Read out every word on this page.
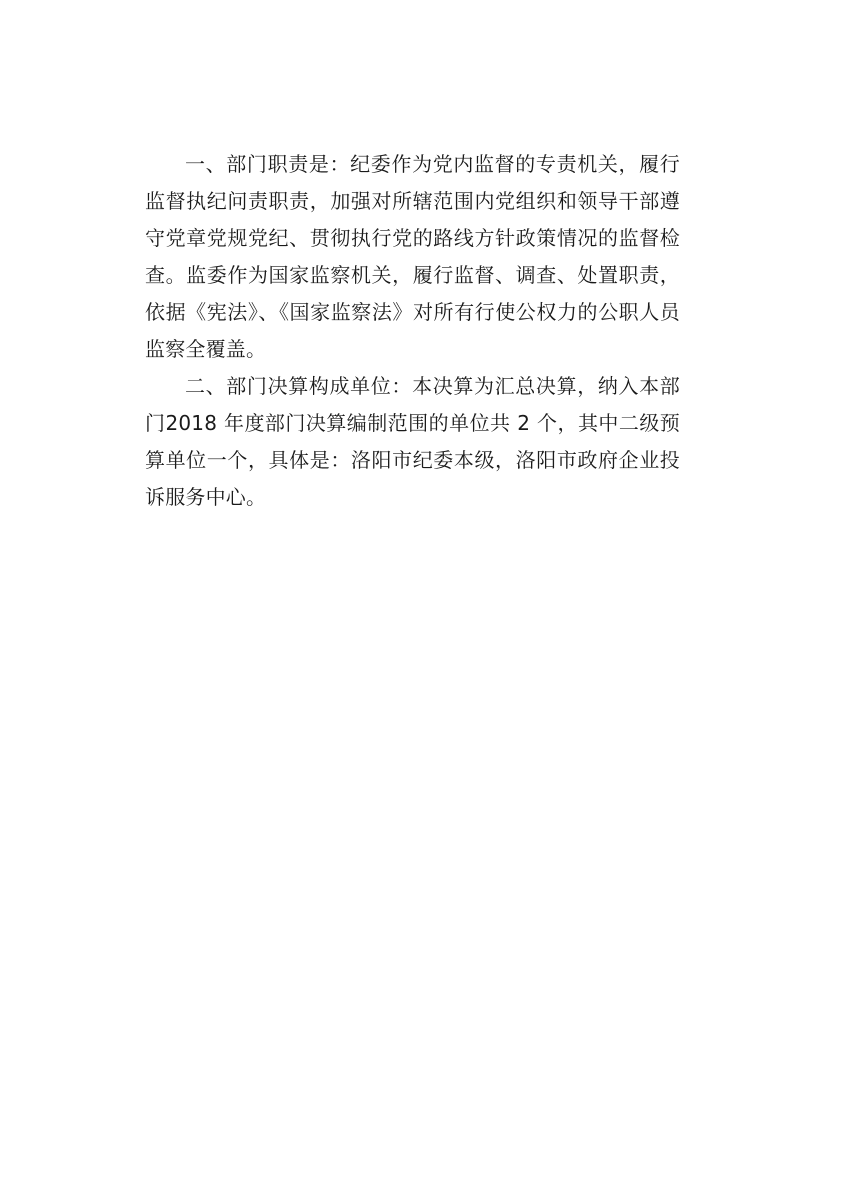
一、部门职责是：纪委作为党内监督的专责机关，履行监督执纪问责职责，加强对所辖范围内党组织和领导干部遵守党章党规党纪、贯彻执行党的路线方针政策情况的监督检查。监委作为国家监察机关，履行监督、调查、处置职责，依据《宪法》、《国家监察法》对所有行使公权力的公职人员监察全覆盖。

二、部门决算构成单位：本决算为汇总决算，纳入本部门2018 年度部门决算编制范围的单位共 2 个，其中二级预算单位一个，具体是：洛阳市纪委本级，洛阳市政府企业投诉服务中心。
